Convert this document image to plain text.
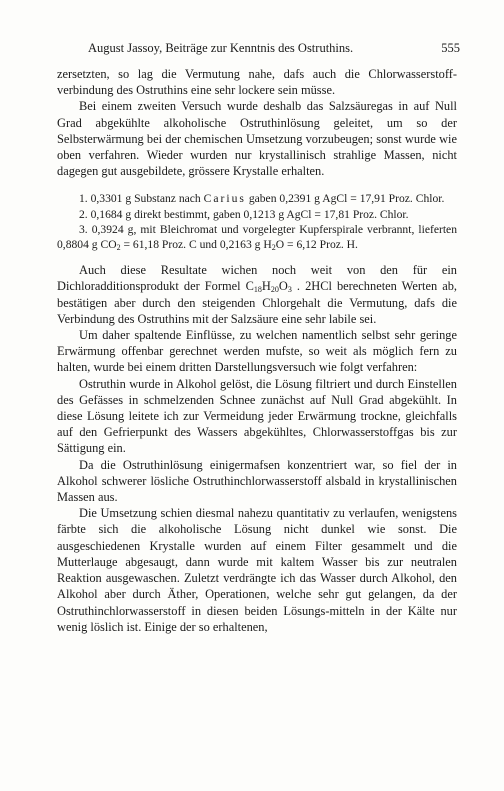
August Jassoy, Beiträge zur Kenntnis des Ostruthins.	555

zersetzten, so lag die Vermutung nahe, dafs auch die Chlorwasserstoff-verbindung des Ostruthins eine sehr lockere sein müsse.

Bei einem zweiten Versuch wurde deshalb das Salzsäuregas in auf Null Grad abgekühlte alkoholische Ostruthinlösung geleitet, um so der Selbsterwärmung bei der chemischen Umsetzung vorzubeugen; sonst wurde wie oben verfahren. Wieder wurden nur krystallinisch strahlige Massen, nicht dagegen gut ausgebildete, grössere Krystalle erhalten.

1. 0,3301 g Substanz nach Carius gaben 0,2391 g AgCl = 17,91 Proz. Chlor.

2. 0,1684 g direkt bestimmt, gaben 0,1213 g AgCl = 17,81 Proz. Chlor.

3. 0,3924 g, mit Bleichromat und vorgelegter Kupferspirale verbrannt, lieferten 0,8804 g $CO_2 = 61,18$ Proz. C und 0,2163 g $H_2O = 6,12$ Proz. H.

Auch diese Resultate wichen noch weit von den für ein Dichloradditionsprodukt der Formel $C_{18}H_{20}O_3$ . 2HCl berechneten Werten ab, bestätigen aber durch den steigenden Chlorgehalt die Vermutung, dafs die Verbindung des Ostruthins mit der Salzsäure eine sehr labile sei.

Um daher spaltende Einflüsse, zu welchen namentlich selbst sehr geringe Erwärmung offenbar gerechnet werden mufste, so weit als möglich fern zu halten, wurde bei einem dritten Darstellungsversuch wie folgt verfahren:

Ostruthin wurde in Alkohol gelöst, die Lösung filtriert und durch Einstellen des Gefässes in schmelzenden Schnee zunächst auf Null Grad abgekühlt. In diese Lösung leitete ich zur Vermeidung jeder Erwärmung trockne, gleichfalls auf den Gefrierpunkt des Wassers abgekühltes, Chlorwasserstoffgas bis zur Sättigung ein.

Da die Ostruthinlösung einigermafsen konzentriert war, so fiel der in Alkohol schwerer lösliche Ostruthinchlorwasserstoff alsbald in krystallinischen Massen aus.

Die Umsetzung schien diesmal nahezu quantitativ zu verlaufen, wenigstens färbte sich die alkoholische Lösung nicht dunkel wie sonst. Die ausgeschiedenen Krystalle wurden auf einem Filter gesammelt und die Mutterlauge abgesaugt, dann wurde mit kaltem Wasser bis zur neutralen Reaktion ausgewaschen. Zuletzt verdrängte ich das Wasser durch Alkohol, den Alkohol aber durch Äther, Operationen, welche sehr gut gelangen, da der Ostruthinchlorwasserstoff in diesen beiden Lösungs-mitteln in der Kälte nur wenig löslich ist. Einige der so erhaltenen,
